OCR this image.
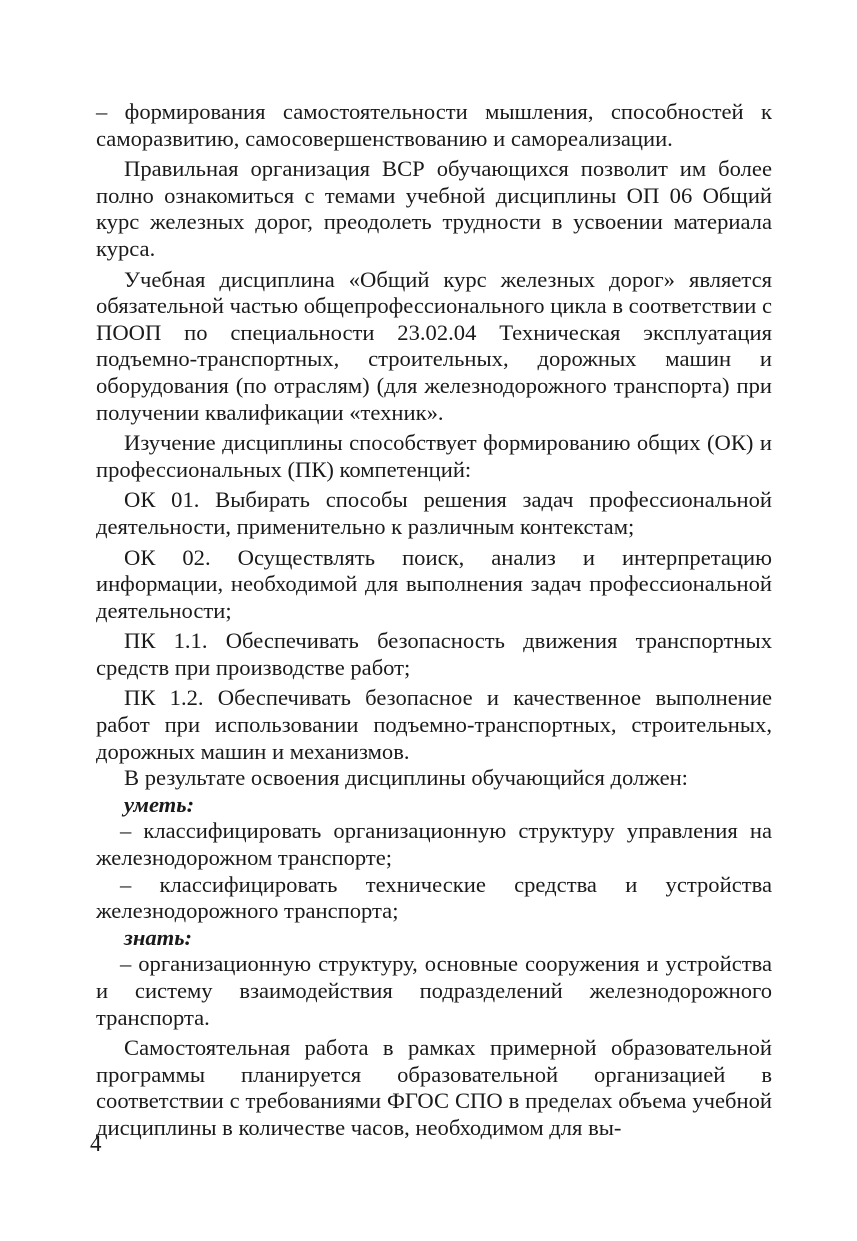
– формирования самостоятельности мышления, способностей к саморазвитию, самосовершенствованию и самореализации.

Правильная организация ВСР обучающихся позволит им более полно ознакомиться с темами учебной дисциплины ОП 06 Общий курс железных дорог, преодолеть трудности в усвоении материала курса.

Учебная дисциплина «Общий курс железных дорог» является обязательной частью общепрофессионального цикла в соответствии с ПООП по специальности 23.02.04 Техническая эксплуатация подъемно-транспортных, строительных, дорожных машин и оборудования (по отраслям) (для железнодорожного транспорта) при получении квалификации «техник».

Изучение дисциплины способствует формированию общих (ОК) и профессиональных (ПК) компетенций:

ОК 01. Выбирать способы решения задач профессиональной деятельности, применительно к различным контекстам;

ОК 02. Осуществлять поиск, анализ и интерпретацию информации, необходимой для выполнения задач профессиональной деятельности;

ПК 1.1. Обеспечивать безопасность движения транспортных средств при производстве работ;

ПК 1.2. Обеспечивать безопасное и качественное выполнение работ при использовании подъемно-транспортных, строительных, дорожных машин и механизмов.

В результате освоения дисциплины обучающийся должен:

уметь:

– классифицировать организационную структуру управления на железнодорожном транспорте;

– классифицировать технические средства и устройства железнодорожного транспорта;

знать:

– организационную структуру, основные сооружения и устройства и систему взаимодействия подразделений железнодорожного транспорта.

Самостоятельная работа в рамках примерной образовательной программы планируется образовательной организацией в соответствии с требованиями ФГОС СПО в пределах объема учебной дисциплины в количестве часов, необходимом для вы-

4
